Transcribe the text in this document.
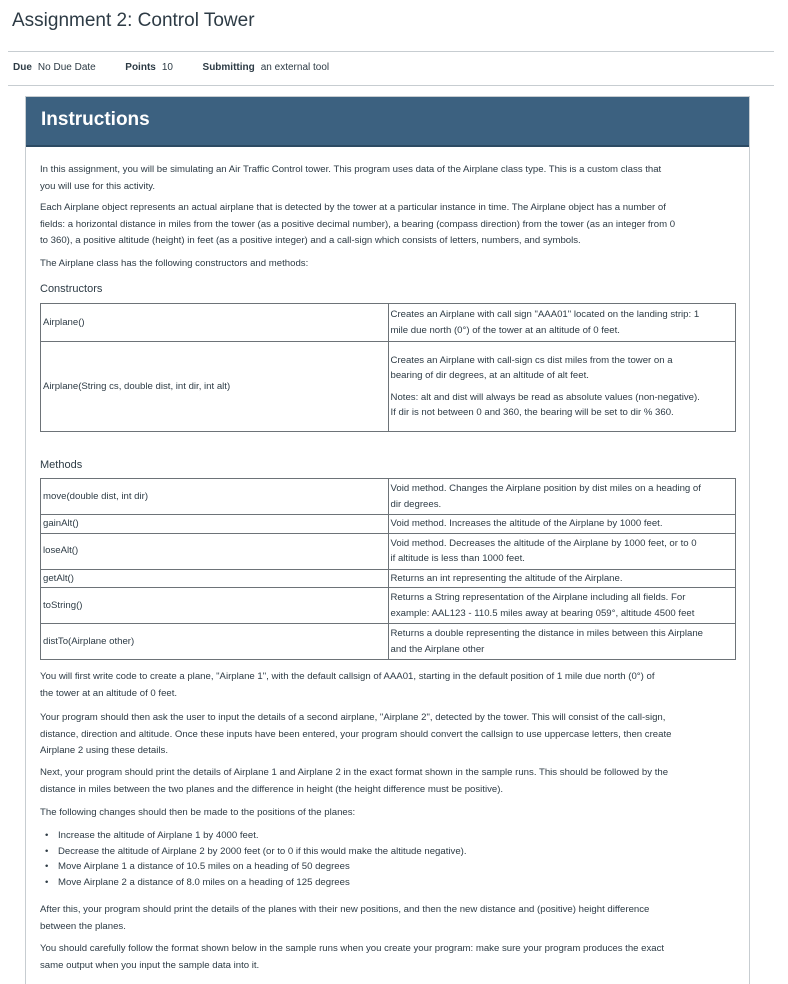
Assignment 2: Control Tower
Due No Due Date	Points 10	Submitting an external tool
Instructions

In this assignment, you will be simulating an Air Traffic Control tower. This program uses data of the Airplane class type. This is a custom class that

you will use for this activity.

Each Airplane object represents an actual airplane that is detected by the tower at a particular instance in time. The Airplane object has a number of

fields: a horizontal distance in miles from the tower (as a positive decimal number), a bearing (compass direction) from the tower (as an integer from 0

to 360), a positive altitude (height) in feet (as a positive integer) and a call-sign which consists of letters, numbers, and symbols.

The Airplane class has the following constructors and methods:
Constructors
Airplane()	Creates an Airplane with call sign "AAA01" located on the landing strip: 1
mile due north (0°) of the tower at an altitude of 0 feet.

Airplane(String cs, double dist, int dir, int alt)	Creates an Airplane with call-sign cs dist miles from the tower on a
bearing of dir degrees, at an altitude of alt feet.
Notes: alt and dist will always be read as absolute values (non-negative).
If dir is not between 0 and 360, the bearing will be set to dir % 360.
Methods
move(double dist, int dir)	Void method. Changes the Airplane position by dist miles on a heading of
dir degrees.

gainAlt()	Void method. Increases the altitude of the Airplane by 1000 feet.
loseAlt()	Void method. Decreases the altitude of the Airplane by 1000 feet, or to 0
if altitude is less than 1000 feet.

getAlt()	Returns an int representing the altitude of the Airplane.
toString()	Returns a String representation of the Airplane including all fields. For
example: AAL123 - 110.5 miles away at bearing 059°, altitude 4500 feet

distTo(Airplane other)	Returns a double representing the distance in miles between this Airplane
and the Airplane other

You will first write code to create a plane, "Airplane 1", with the default callsign of AAA01, starting in the default position of 1 mile due north (0°) of

the tower at an altitude of 0 feet.

Your program should then ask the user to input the details of a second airplane, "Airplane 2", detected by the tower. This will consist of the call-sign,

distance, direction and altitude. Once these inputs have been entered, your program should convert the callsign to use uppercase letters, then create

Airplane 2 using these details.

Next, your program should print the details of Airplane 1 and Airplane 2 in the exact format shown in the sample runs. This should be followed by the

distance in miles between the two planes and the difference in height (the height difference must be positive).

The following changes should then be made to the positions of the planes:
• Increase the altitude of Airplane 1 by 4000 feet.
• Decrease the altitude of Airplane 2 by 2000 feet (or to 0 if this would make the altitude negative).
• Move Airplane 1 a distance of 10.5 miles on a heading of 50 degrees
• Move Airplane 2 a distance of 8.0 miles on a heading of 125 degrees

After this, your program should print the details of the planes with their new positions, and then the new distance and (positive) height difference

between the planes.

You should carefully follow the format shown below in the sample runs when you create your program: make sure your program produces the exact

same output when you input the sample data into it.
